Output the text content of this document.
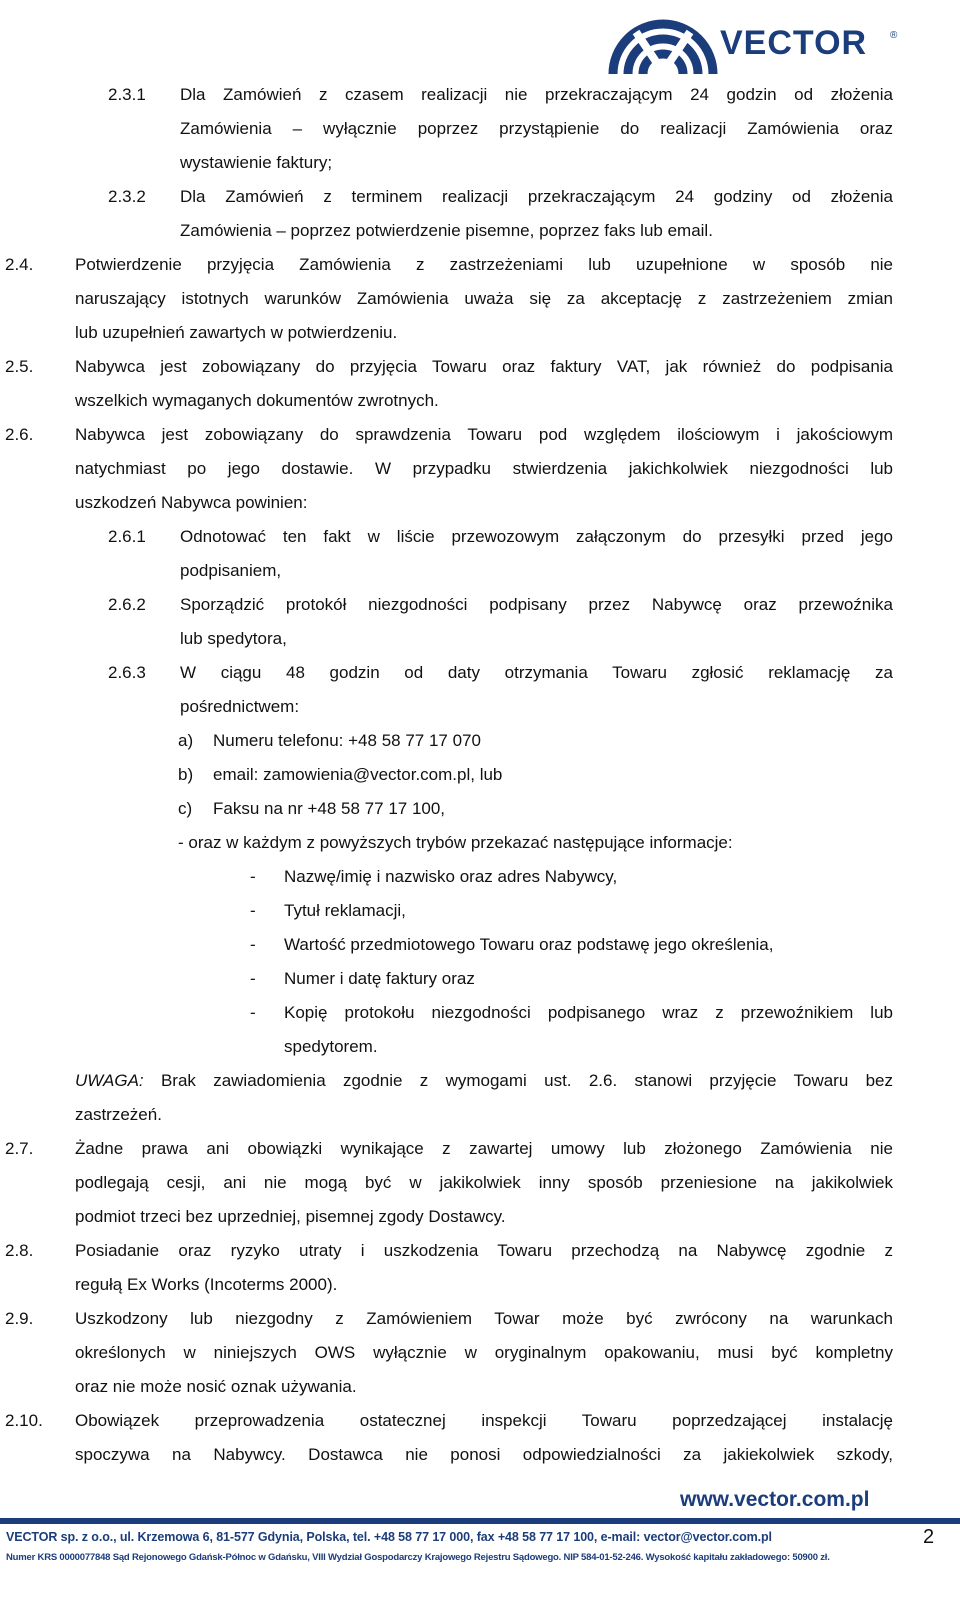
VECTOR ®
2.3.1 Dla Zamówień z czasem realizacji nie przekraczającym 24 godzin od złożenia
Zamówienia – wyłącznie poprzez przystąpienie do realizacji Zamówienia oraz
wystawienie faktury;
2.3.2 Dla Zamówień z terminem realizacji przekraczającym 24 godziny od złożenia
Zamówienia – poprzez potwierdzenie pisemne, poprzez faks lub email.
2.4. Potwierdzenie przyjęcia Zamówienia z zastrzeżeniami lub uzupełnione w sposób nie
naruszający istotnych warunków Zamówienia uważa się za akceptację z zastrzeżeniem zmian
lub uzupełnień zawartych w potwierdzeniu.
2.5. Nabywca jest zobowiązany do przyjęcia Towaru oraz faktury VAT, jak również do podpisania
wszelkich wymaganych dokumentów zwrotnych.
2.6. Nabywca jest zobowiązany do sprawdzenia Towaru pod względem ilościowym i jakościowym
natychmiast po jego dostawie. W przypadku stwierdzenia jakichkolwiek niezgodności lub
uszkodzeń Nabywca powinien:
2.6.1 Odnotować ten fakt w liście przewozowym załączonym do przesyłki przed jego
podpisaniem,
2.6.2 Sporządzić protokół niezgodności podpisany przez Nabywcę oraz przewoźnika
lub spedytora,
2.6.3 W ciągu 48 godzin od daty otrzymania Towaru zgłosić reklamację za
pośrednictwem:
a) Numeru telefonu: +48 58 77 17 070
b) email: zamowienia@vector.com.pl, lub
c) Faksu na nr +48 58 77 17 100,
- oraz w każdym z powyższych trybów przekazać następujące informacje:
- Nazwę/imię i nazwisko oraz adres Nabywcy,
- Tytuł reklamacji,
- Wartość przedmiotowego Towaru oraz podstawę jego określenia,
- Numer i datę faktury oraz
- Kopię protokołu niezgodności podpisanego wraz z przewoźnikiem lub
spedytorem.
UWAGA: Brak zawiadomienia zgodnie z wymogami ust. 2.6. stanowi przyjęcie Towaru bez
zastrzeżeń.
2.7. Żadne prawa ani obowiązki wynikające z zawartej umowy lub złożonego Zamówienia nie
podlegają cesji, ani nie mogą być w jakikolwiek inny sposób przeniesione na jakikolwiek
podmiot trzeci bez uprzedniej, pisemnej zgody Dostawcy.
2.8. Posiadanie oraz ryzyko utraty i uszkodzenia Towaru przechodzą na Nabywcę zgodnie z
regułą Ex Works (Incoterms 2000).
2.9. Uszkodzony lub niezgodny z Zamówieniem Towar może być zwrócony na warunkach
określonych w niniejszych OWS wyłącznie w oryginalnym opakowaniu, musi być kompletny
oraz nie może nosić oznak używania.
2.10. Obowiązek przeprowadzenia ostatecznej inspekcji Towaru poprzedzającej instalację
spoczywa na Nabywcy. Dostawca nie ponosi odpowiedzialności za jakiekolwiek szkody,
www.vector.com.pl
VECTOR sp. z o.o., ul. Krzemowa 6, 81-577 Gdynia, Polska, tel. +48 58 77 17 000, fax +48 58 77 17 100, e-mail: vector@vector.com.pl
Numer KRS 0000077848 Sąd Rejonowego Gdańsk-Północ w Gdańsku, VIII Wydział Gospodarczy Krajowego Rejestru Sądowego. NIP 584-01-52-246. Wysokość kapitału zakładowego: 50900 zł.
2
